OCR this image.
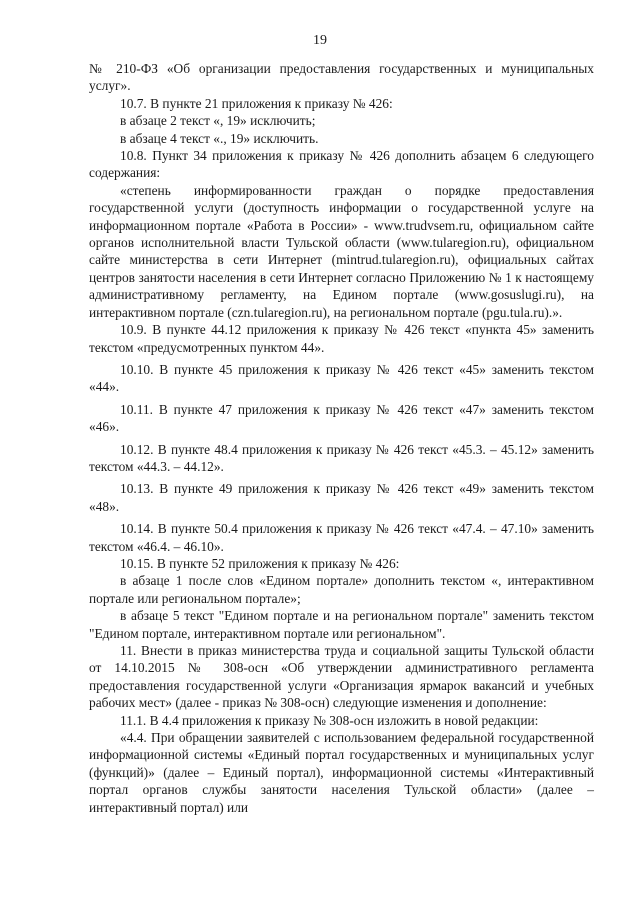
19

№ 210-ФЗ «Об организации предоставления государственных и муниципальных услуг».

10.7. В пункте 21 приложения к приказу № 426:

в абзаце 2 текст «, 19» исключить;

в абзаце 4 текст «., 19» исключить.

10.8. Пункт 34 приложения к приказу № 426 дополнить абзацем 6 следующего содержания:

«степень информированности граждан о порядке предоставления государственной услуги (доступность информации о государственной услуге на информационном портале «Работа в России» - www.trudvsem.ru, официальном сайте органов исполнительной власти Тульской области (www.tularegion.ru), официальном сайте министерства в сети Интернет (mintrud.tularegion.ru), официальных сайтах центров занятости населения в сети Интернет согласно Приложению № 1 к настоящему административному регламенту, на Едином портале (www.gosuslugi.ru), на интерактивном портале (czn.tularegion.ru), на региональном портале (pgu.tula.ru).».

10.9. В пункте 44.12 приложения к приказу № 426 текст «пункта 45» заменить текстом «предусмотренных пунктом 44».

10.10. В пункте 45 приложения к приказу № 426 текст «45» заменить текстом «44».

10.11. В пункте 47 приложения к приказу № 426 текст «47» заменить текстом «46».

10.12. В пункте 48.4 приложения к приказу № 426 текст «45.3. – 45.12» заменить текстом «44.3. – 44.12».

10.13. В пункте 49 приложения к приказу № 426 текст «49» заменить текстом «48».

10.14. В пункте 50.4 приложения к приказу № 426 текст «47.4. – 47.10» заменить текстом «46.4. – 46.10».

10.15. В пункте 52 приложения к приказу № 426:

в абзаце 1 после слов «Едином портале» дополнить текстом «, интерактивном портале или региональном портале»;

в абзаце 5 текст "Едином портале и на региональном портале" заменить текстом "Едином портале, интерактивном портале или региональном".

11. Внести в приказ министерства труда и социальной защиты Тульской области от 14.10.2015 № 308-осн «Об утверждении административного регламента предоставления государственной услуги «Организация ярмарок вакансий и учебных рабочих мест» (далее - приказ № 308-осн) следующие изменения и дополнение:

11.1. В 4.4 приложения к приказу № 308-осн изложить в новой редакции:

«4.4. При обращении заявителей с использованием федеральной государственной информационной системы «Единый портал государственных и муниципальных услуг (функций)» (далее – Единый портал), информационной системы «Интерактивный портал органов службы занятости населения Тульской области» (далее – интерактивный портал) или
